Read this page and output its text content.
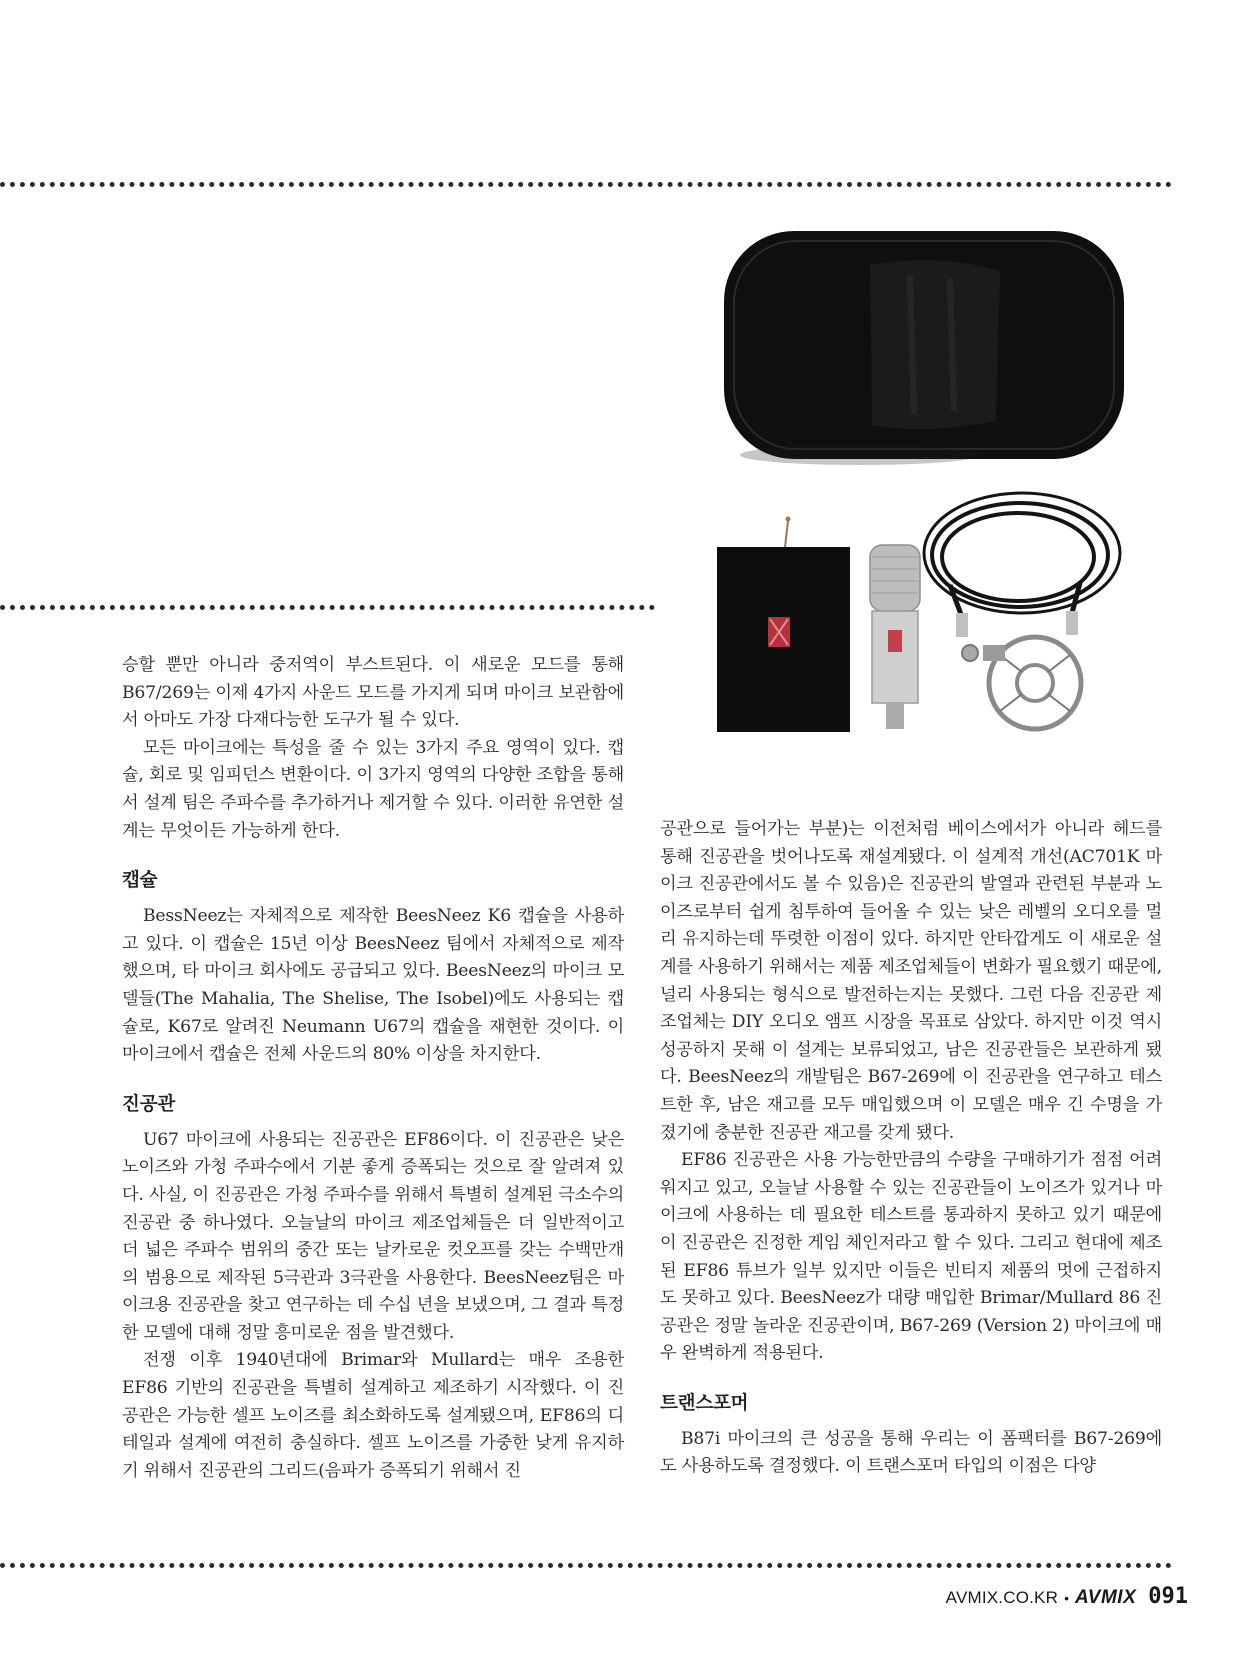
승할 뿐만 아니라 중저역이 부스트된다. 이 새로운 모드를 통해 B67/269는 이제 4가지 사운드 모드를 가지게 되며 마이크 보관함에서 아마도 가장 다재다능한 도구가 될 수 있다.

모든 마이크에는 특성을 줄 수 있는 3가지 주요 영역이 있다. 캡슐, 회로 및 임피던스 변환이다. 이 3가지 영역의 다양한 조합을 통해서 설계 팀은 주파수를 추가하거나 제거할 수 있다. 이러한 유연한 설계는 무엇이든 가능하게 한다.

캡슐

BessNeez는 자체적으로 제작한 BeesNeez K6 캡슐을 사용하고 있다. 이 캡슐은 15년 이상 BeesNeez 팀에서 자체적으로 제작했으며, 타 마이크 회사에도 공급되고 있다. BeesNeez의 마이크 모델들(The Mahalia, The Shelise, The Isobel)에도 사용되는 캡슐로, K67로 알려진 Neumann U67의 캡슐을 재현한 것이다. 이 마이크에서 캡슐은 전체 사운드의 80% 이상을 차지한다.

진공관

U67 마이크에 사용되는 진공관은 EF86이다. 이 진공관은 낮은 노이즈와 가청 주파수에서 기분 좋게 증폭되는 것으로 잘 알려져 있다. 사실, 이 진공관은 가청 주파수를 위해서 특별히 설계된 극소수의 진공관 중 하나였다. 오늘날의 마이크 제조업체들은 더 일반적이고 더 넓은 주파수 범위의 중간 또는 날카로운 컷오프를 갖는 수백만개의 범용으로 제작된 5극관과 3극관을 사용한다. BeesNeez팀은 마이크용 진공관을 찾고 연구하는 데 수십 년을 보냈으며, 그 결과 특정한 모델에 대해 정말 흥미로운 점을 발견했다.

전쟁 이후 1940년대에 Brimar와 Mullard는 매우 조용한 EF86 기반의 진공관을 특별히 설계하고 제조하기 시작했다. 이 진공관은 가능한 셀프 노이즈를 최소화하도록 설계됐으며, EF86의 디테일과 설계에 여전히 충실하다. 셀프 노이즈를 가중한 낮게 유지하기 위해서 진공관의 그리드(음파가 증폭되기 위해서 진

공관으로 들어가는 부분)는 이전처럼 베이스에서가 아니라 헤드를 통해 진공관을 벗어나도록 재설계됐다. 이 설계적 개선(AC701K 마이크 진공관에서도 볼 수 있음)은 진공관의 발열과 관련된 부분과 노이즈로부터 쉽게 침투하여 들어올 수 있는 낮은 레벨의 오디오를 멀리 유지하는데 뚜렷한 이점이 있다. 하지만 안타깝게도 이 새로운 설계를 사용하기 위해서는 제품 제조업체들이 변화가 필요했기 때문에, 널리 사용되는 형식으로 발전하는지는 못했다. 그런 다음 진공관 제조업체는 DIY 오디오 앰프 시장을 목표로 삼았다. 하지만 이것 역시 성공하지 못해 이 설계는 보류되었고, 남은 진공관들은 보관하게 됐다. BeesNeez의 개발팀은 B67-269에 이 진공관을 연구하고 테스트한 후, 남은 재고를 모두 매입했으며 이 모델은 매우 긴 수명을 가졌기에 충분한 진공관 재고를 갖게 됐다.

EF86 진공관은 사용 가능한만큼의 수량을 구매하기가 점점 어려워지고 있고, 오늘날 사용할 수 있는 진공관들이 노이즈가 있거나 마이크에 사용하는 데 필요한 테스트를 통과하지 못하고 있기 때문에 이 진공관은 진정한 게임 체인저라고 할 수 있다. 그리고 현대에 제조된 EF86 튜브가 일부 있지만 이들은 빈티지 제품의 멋에 근접하지도 못하고 있다. BeesNeez가 대량 매입한 Brimar/Mullard 86 진공관은 정말 놀라운 진공관이며, B67-269 (Version 2) 마이크에 매우 완벽하게 적용된다.

트랜스포머

B87i 마이크의 큰 성공을 통해 우리는 이 폼팩터를 B67-269에도 사용하도록 결정했다. 이 트랜스포머 타입의 이점은 다양

AVMIX.CO.KR • AVMIX 091
